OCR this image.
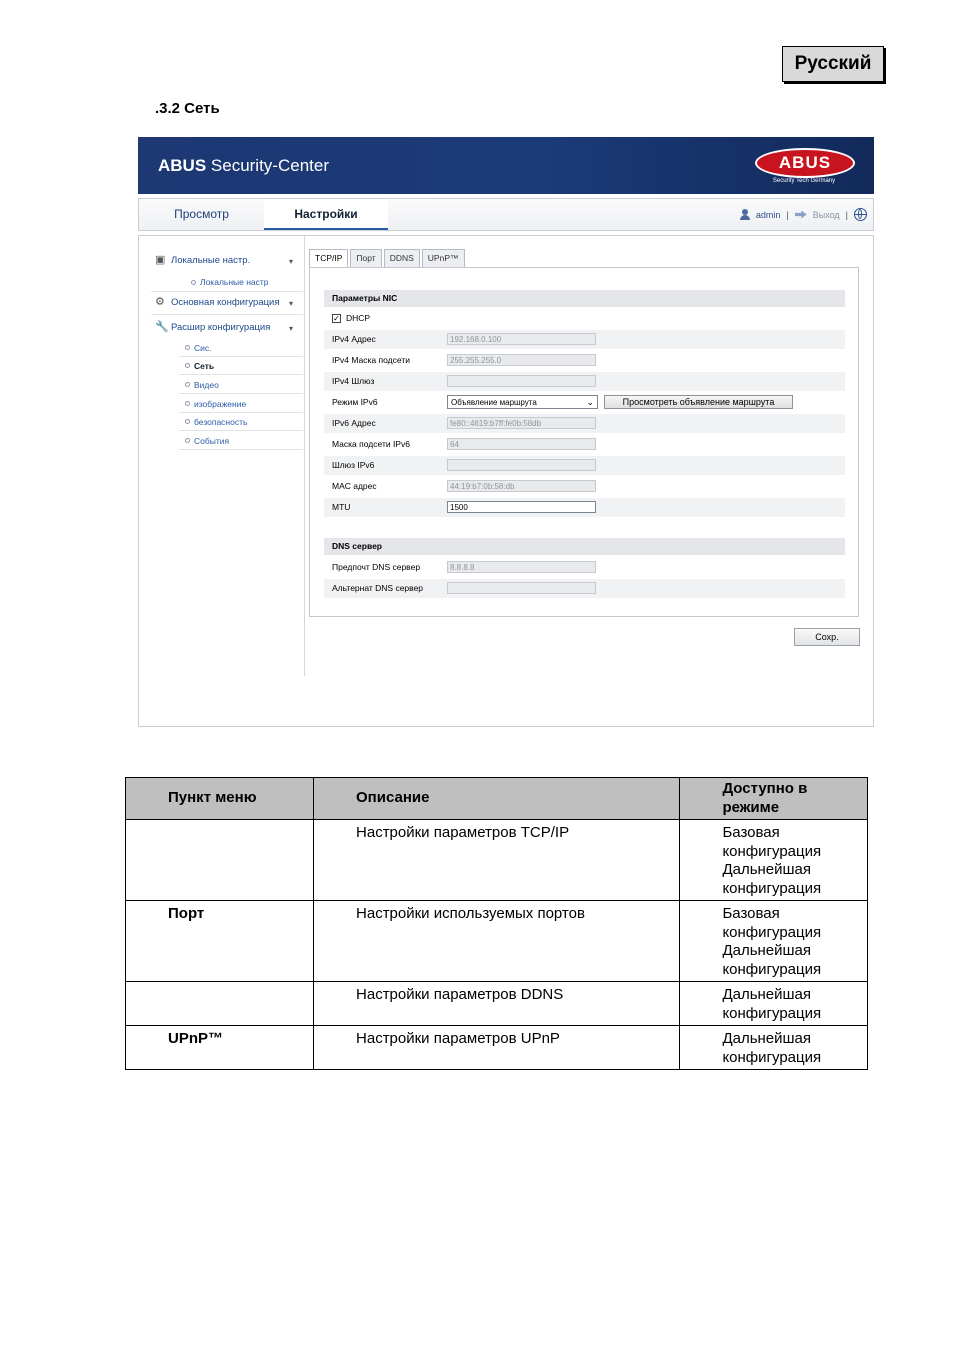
Русский
.3.2 Сеть
ABUS Security-Center	ABUS
Security Tech Germany
Просмотр	Настройки	admin |	Выход |
▣ Локальные настр.	▾
Локальные настр
⚙ Основная конфигурация ▾
🔧 Расшир конфигурация ▾
Сис.
Сеть
Видео
изображение
безопасность
События
TCP/IP	Порт	DDNS	UPnP™
Параметры NIC
✓ DHCP
IPv4 Адрес	192.168.0.100
IPv4 Маска подсети	255.255.255.0
IPv4 Шлюз
Режим IPv6	Объявление маршрута	⌄	Просмотреть объявление маршрута
IPv6 Адрес	fe80::4619:b7ff:fe0b:58db
Маска подсети IPv6	64
Шлюз IPv6
MAC адрес	44:19:b7:0b:58:db
MTU	1500
DNS сервер
Предпочт DNS сервер	8.8.8.8
Альтернат DNS сервер
Сохр.
Пункт меню	Описание	Доступно в режиме

	Настройки параметров TCP/IP	Базовая конфигурация
Дальнейшая конфигурация

Порт	Настройки используемых портов	Базовая конфигурация
Дальнейшая конфигурация

	Настройки параметров DDNS	Дальнейшая конфигурация

UPnP™	Настройки параметров UPnP	Дальнейшая конфигурация
